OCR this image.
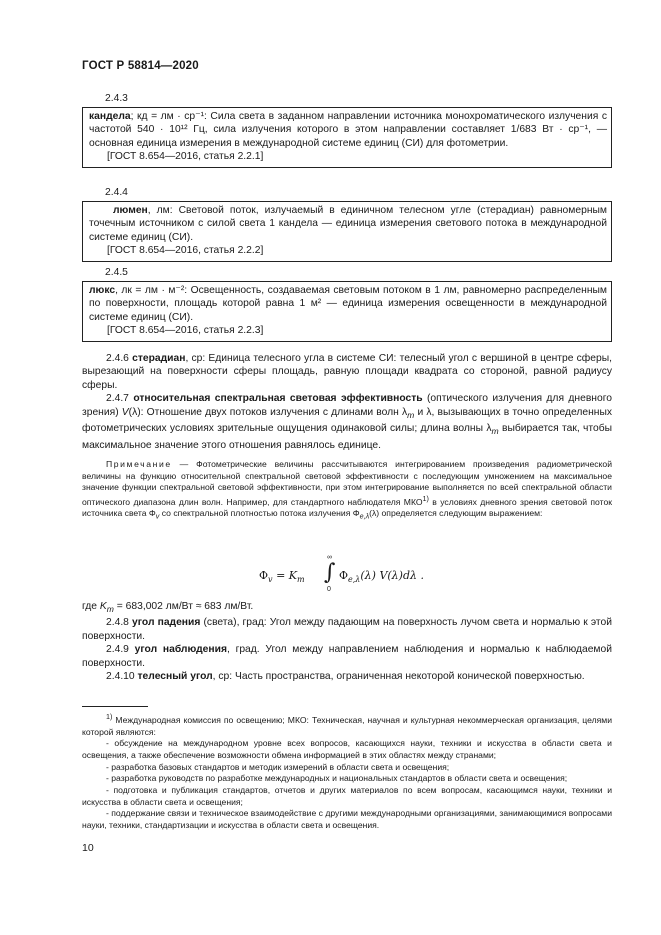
ГОСТ Р 58814—2020
2.4.3

кандела; кд = лм · ср⁻¹: Сила света в заданном направлении источника монохроматического излучения с частотой 540 · 10¹² Гц, сила излучения которого в этом направлении составляет 1/683 Вт · ср⁻¹, — основная единица измерения в международной системе единиц (СИ) для фотометрии.

[ГОСТ 8.654—2016, статья 2.2.1]

2.4.4

люмен, лм: Световой поток, излучаемый в единичном телесном угле (стерадиан) равномерным точечным источником с силой света 1 кандела — единица измерения светового потока в международной системе единиц (СИ).

[ГОСТ 8.654—2016, статья 2.2.2]

2.4.5

люкс, лк = лм · м⁻²: Освещенность, создаваемая световым потоком в 1 лм, равномерно распределенным по поверхности, площадь которой равна 1 м² — единица измерения освещенности в международной системе единиц (СИ).

[ГОСТ 8.654—2016, статья 2.2.3]

2.4.6 стерадиан, ср: Единица телесного угла в системе СИ: телесный угол с вершиной в центре сферы, вырезающий на поверхности сферы площадь, равную площади квадрата со стороной, равной радиусу сферы.

2.4.7 относительная спектральная световая эффективность (оптического излучения для дневного зрения) V(λ): Отношение двух потоков излучения с длинами волн $\lambda_m$ и λ, вызывающих в точно определенных фотометрических условиях зрительные ощущения одинаковой силы; длина волны $\lambda_m$ выбирается так, чтобы максимальное значение этого отношения равнялось единице.

Примечание — Фотометрические величины рассчитываются интегрированием произведения радиометрической величины на функцию относительной спектральной световой эффективности с последующим умножением на максимальное значение функции спектральной световой эффективности, при этом интегрирование выполняется по всей спектральной области оптического диапазона длин волн. Например, для стандартного наблюдателя МКО$^{1)}$ в условиях дневного зрения световой поток источника света $\Phi_v$ со спектральной плотностью потока излучения $\Phi_{e,\lambda}(\lambda)$ определяется следующим выражением:

$\Phi_v = K_m$
∞
∫
0
$\Phi_{e,\lambda}(\lambda)$ V(λ)dλ .

где $K_m = 683,002$ лм/Вт ≈ 683 лм/Вт.

2.4.8 угол падения (света), град: Угол между падающим на поверхность лучом света и нормалью к этой поверхности.

2.4.9 угол наблюдения, град. Угол между направлением наблюдения и нормалью к наблюдаемой поверхности.

2.4.10 телесный угол, ср: Часть пространства, ограниченная некоторой конической поверхностью.

$^{1)}$ Международная комиссия по освещению; МКО: Техническая, научная и культурная некоммерческая организация, целями которой являются:

- обсуждение на международном уровне всех вопросов, касающихся науки, техники и искусства в области света и освещения, а также обеспечение возможности обмена информацией в этих областях между странами;

- разработка базовых стандартов и методик измерений в области света и освещения;

- разработка руководств по разработке международных и национальных стандартов в области света и освещения;

- подготовка и публикация стандартов, отчетов и других материалов по всем вопросам, касающимся науки, техники и искусства в области света и освещения;

- поддержание связи и техническое взаимодействие с другими международными организациями, занимающимися вопросами науки, техники, стандартизации и искусства в области света и освещения.

10
